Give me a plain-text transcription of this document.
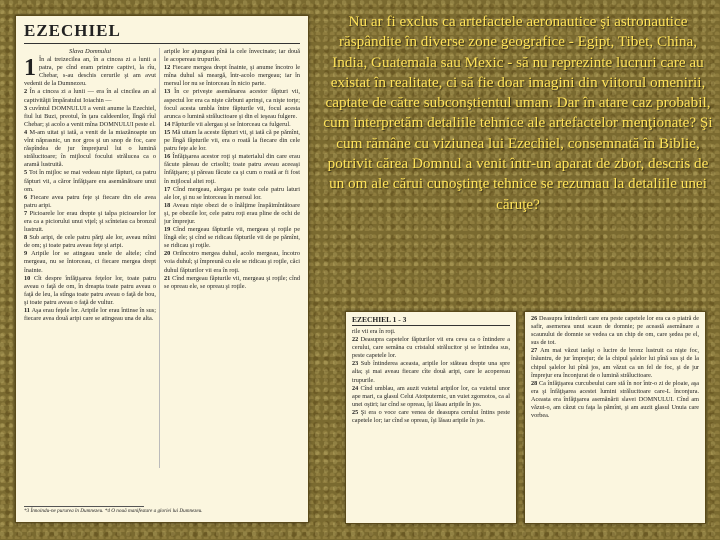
Nu ar fi exclus ca artefactele aeronautice şi astronautice răspândite în diverse zone geografice - Egipt, Tibet, China, India, Guatemala sau Mexic - să nu reprezinte lucruri care au existat în realitate, ci să fie doar imagini din viitorul omenirii, captate de către subconştientul uman. Dar în atare caz probabil, cum interpretăm detaliile tehnice ale artefactelor menţionate? Şi cum rămâne cu viziunea lui Ezechiel, consemnată în Biblie, potrivit cărea Domnul a venit într-un aparat de zbor, descris de un om ale cărui cunoştinţe tehnice se rezumau la detaliile unei căruţe?

EZECHIEL
Slava Domnului
1 În al treizecilea an, în a cincea zi a lunii a patra, pe cînd eram printre captivi, la rîu, Chebar, s-au deschis cerurile şi am avut vedenii de la Dumnezeu.
2 În a cincea zi a lunii — era în al cincilea an al captivităţii împăratului Ioiachin —
3 cuvîntul DOMNULUI a venit anume la Ezechiel, fiul lui Buzi, preotul, în ţara caldeenilor, lîngă rîul Chebar; şi acolo a venit mîna DOMNULUI peste el.
4 M-am uitat şi iată, a venit de la miazănoapte un vînt năprasnic, un nor gros şi un snop de foc, care răspîndea de jur împrejurul lui o lumină strălucitoare; în mijlocul focului strălucea ca o aramă lustruită.
5 Tot în mijloc se mai vedeau nişte făpturi, ca patru făpturi vii, a căror înfăţişare era asemănătoare unui om.
6 Fiecare avea patru feţe şi fiecare din ele avea patru aripi.
7 Picioarele lor erau drepte şi talpa picioarelor lor era ca a piciorului unui viţel; şi scînteiau ca bronzul lustruit.
8 Sub aripi, de cele patru părţi ale lor, aveau mîini de om; şi toate patru aveau feţe şi aripi.
9 Aripile lor se atingeau unele de altele; cînd mergeau, nu se întorceau, ci fiecare mergea drept înainte.
10 Cît despre înfăţişarea feţelor lor, toate patru aveau o faţă de om, în dreapta toate patru aveau o faţă de leu, la stînga toate patru aveau o faţă de bou, şi toate patru aveau o faţă de vultur.
11 Aşa erau feţele lor. Aripile lor erau întinse în sus; fiecare avea două aripi care se atingeau una de alta.
aripile lor ajungeau pînă la cele învecinate; iar două le acopereau trupurile.
12 Fiecare mergea drept înainte, şi anume încotro le mîna duhul să meargă, într-acolo mergeau; iar în mersul lor nu se întorceau în nicio parte.
13 În ce priveşte asemănarea acestor făpturi vii, aspectul lor era ca nişte cărbuni aprinşi, ca nişte torţe; focul acesta umbla între făpturile vii, focul acesta arunca o lumină strălucitoare şi din el ieşeau fulgere.
14 Făpturile vii alergau şi se întorceau ca fulgerul.
15 Mă uitam la aceste făpturi vii, şi iată că pe pămînt, pe lîngă făpturile vii, era o roată la fiecare din cele patru feţe ale lor.
16 Înfăţişarea acestor roţi şi materialul din care erau făcute păreau de crisolit; toate patru aveau aceeaşi înfăţişare; şi păreau făcute ca şi cum o roată ar fi fost în mijlocul altei roţi.
17 Cînd mergeau, alergau pe toate cele patru laturi ale lor, şi nu se întorceau în mersul lor.
18 Aveau nişte obezi de o înălţime înspăimîntătoare şi, pe obezile lor, cele patru roţi erau pline de ochi de jur împrejur.
19 Cînd mergeau făpturile vii, mergeau şi roţile pe lîngă ele; şi cînd se ridicau făpturile vii de pe pămînt, se ridicau şi roţile.
20 Oriîncotro mergea duhul, acolo mergeau, încotro voia duhul; şi împreună cu ele se ridicau şi roţile, căci duhul făpturilor vii era în roţi.
21 Cînd mergeau făpturile vii, mergeau şi roţile; cînd se opreau ele, se opreau şi roţile.
*3 Înnoindu-ne pururea în Dumnezeu. *4 O nouă manifestare a gloriei lui Dumnezeu.
EZECHIEL 1 - 3
rile vii era în roţi.
22 Deasupra capetelor făpturilor vii era ceva ca o întindere a cerului, care semăna cu cristalul strălucitor şi se întindea sus, peste capetele lor.
23 Sub întinderea aceasta, aripile lor stăteau drepte una spre alta; şi mai aveau fiecare cîte două aripi, care le acopereau trupurile.
24 Cînd umblau, am auzit vuietul aripilor lor, ca vuietul unor ape mari, ca glasul Celui Atotputernic, un vuiet zgomotos, ca al unei oştiri; iar cînd se opreau, îşi lăsau aripile în jos.
25 Şi era o voce care venea de deasupra cerului întins peste capetele lor; iar cînd se opreau, îşi lăsau aripile în jos.
26 Deasupra întinderii care era peste capetele lor era ca o piatră de safir, asemenea unui scaun de domnie; pe această asemănare a scaunului de domnie se vedea ca un chip de om, care şedea pe el, sus de tot.
27 Am mai văzut iarăşi o lucire de bronz lustruit ca nişte foc, înăuntru, de jur împrejur; de la chipul şalelor lui pînă sus şi de la chipul şalelor lui pînă jos, am văzut ca un fel de foc, şi de jur împrejur era înconjurat de o lumină strălucitoare.
28 Ca înfăţişarea curcubeului care stă în nor într-o zi de ploaie, aşa era şi înfăţişarea acestei lumini strălucitoare care-L înconjura. Aceasta era înfăţişarea asemănării slavei DOMNULUI. Cînd am văzut-o, am căzut cu faţa la pămînt, şi am auzit glasul Unuia care vorbea.
